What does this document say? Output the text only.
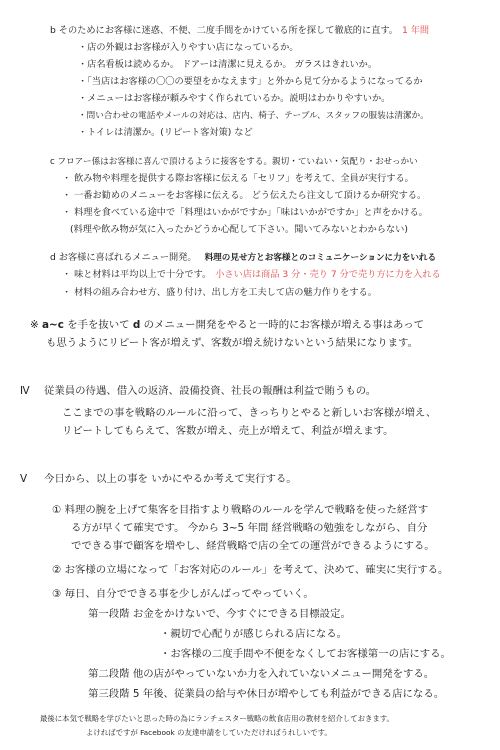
b そのためにお客様に迷惑、不便、二度手間をかけている所を探して徹底的に直す。 1 年間
・店の外観はお客様が入りやすい店になっているか。
・店名看板は読めるか。 ドアーは清潔に見えるか。 ガラスはきれいか。
・「当店はお客様の〇〇の要望をかなえます」と外から見て分かるようになってるか
・メニューはお客様が頼みやすく作られているか。説明はわかりやすいか。
・問い合わせの電話やメールの対応は、店内、椅子、テーブル、スタッフの服装は清潔か。
・トイレは清潔か。(リピート客対策) など
c フロアー係はお客様に喜んで頂けるように接客をする。親切・ていねい・気配り・おせっかい
・ 飲み物や料理を提供する際お客様に伝える「セリフ」を考えて、全員が実行する。
・ 一番お勧めのメニューをお客様に伝える。 どう伝えたら注文して頂けるか研究する。
・ 料理を食べている途中で「料理はいかがですか」「味はいかがですか」と声をかける。
(料理や飲み物が気に入ったかどうか心配して下さい。聞いてみないとわからない)
d お客様に喜ばれるメニュー開発。 料理の見せ方とお客様とのコミュニケーションに力をいれる
・ 味と材料は平均以上で十分です。 小さい店は商品 3 分・売り 7 分で売り方に力を入れる
・ 材料の組み合わせ方、盛り付け、出し方を工夫して店の魅力作りをする。
※ a~c を手を抜いて d のメニュー開発をやると一時的にお客様が増える事はあって
も思うようにリピート客が増えず、客数が増え続けないという結果になります。
Ⅳ 従業員の待遇、借入の返済、設備投資、社長の報酬は利益で賄うもの。
ここまでの事を戦略のルールに沿って、きっちりとやると新しいお客様が増え、
リピートしてもらえて、客数が増え、売上が増えて、利益が増えます。
Ⅴ 今日から、以上の事を いかにやるか考えて実行する。
① 料理の腕を上げて集客を目指すより戦略のルールを学んで戦略を使った経営す
る方が早くて確実です。 今から 3~5 年間 経営戦略の勉強をしながら、自分
でできる事で顧客を増やし、経営戦略で店の全ての運営ができるようにする。
② お客様の立場になって「お客対応のルール」を考えて、決めて、確実に実行する。
③ 毎日、自分でできる事を少しがんばってやっていく。
第一段階 お金をかけないで、今すぐにできる目標設定。
・親切で心配りが感じられる店になる。
・お客様の二度手間や不便をなくしてお客様第一の店にする。
第二段階 他の店がやっていないか力を入れていないメニュー開発をする。
第三段階 5 年後、従業員の給与や休日が増やしても利益ができる店になる。
最後に本気で戦略を学びたいと思った時の為にランチェスター戦略の飲食店用の教材を紹介しておきます。
よければですが Facebook の友達申請をしていただければうれしいです。
